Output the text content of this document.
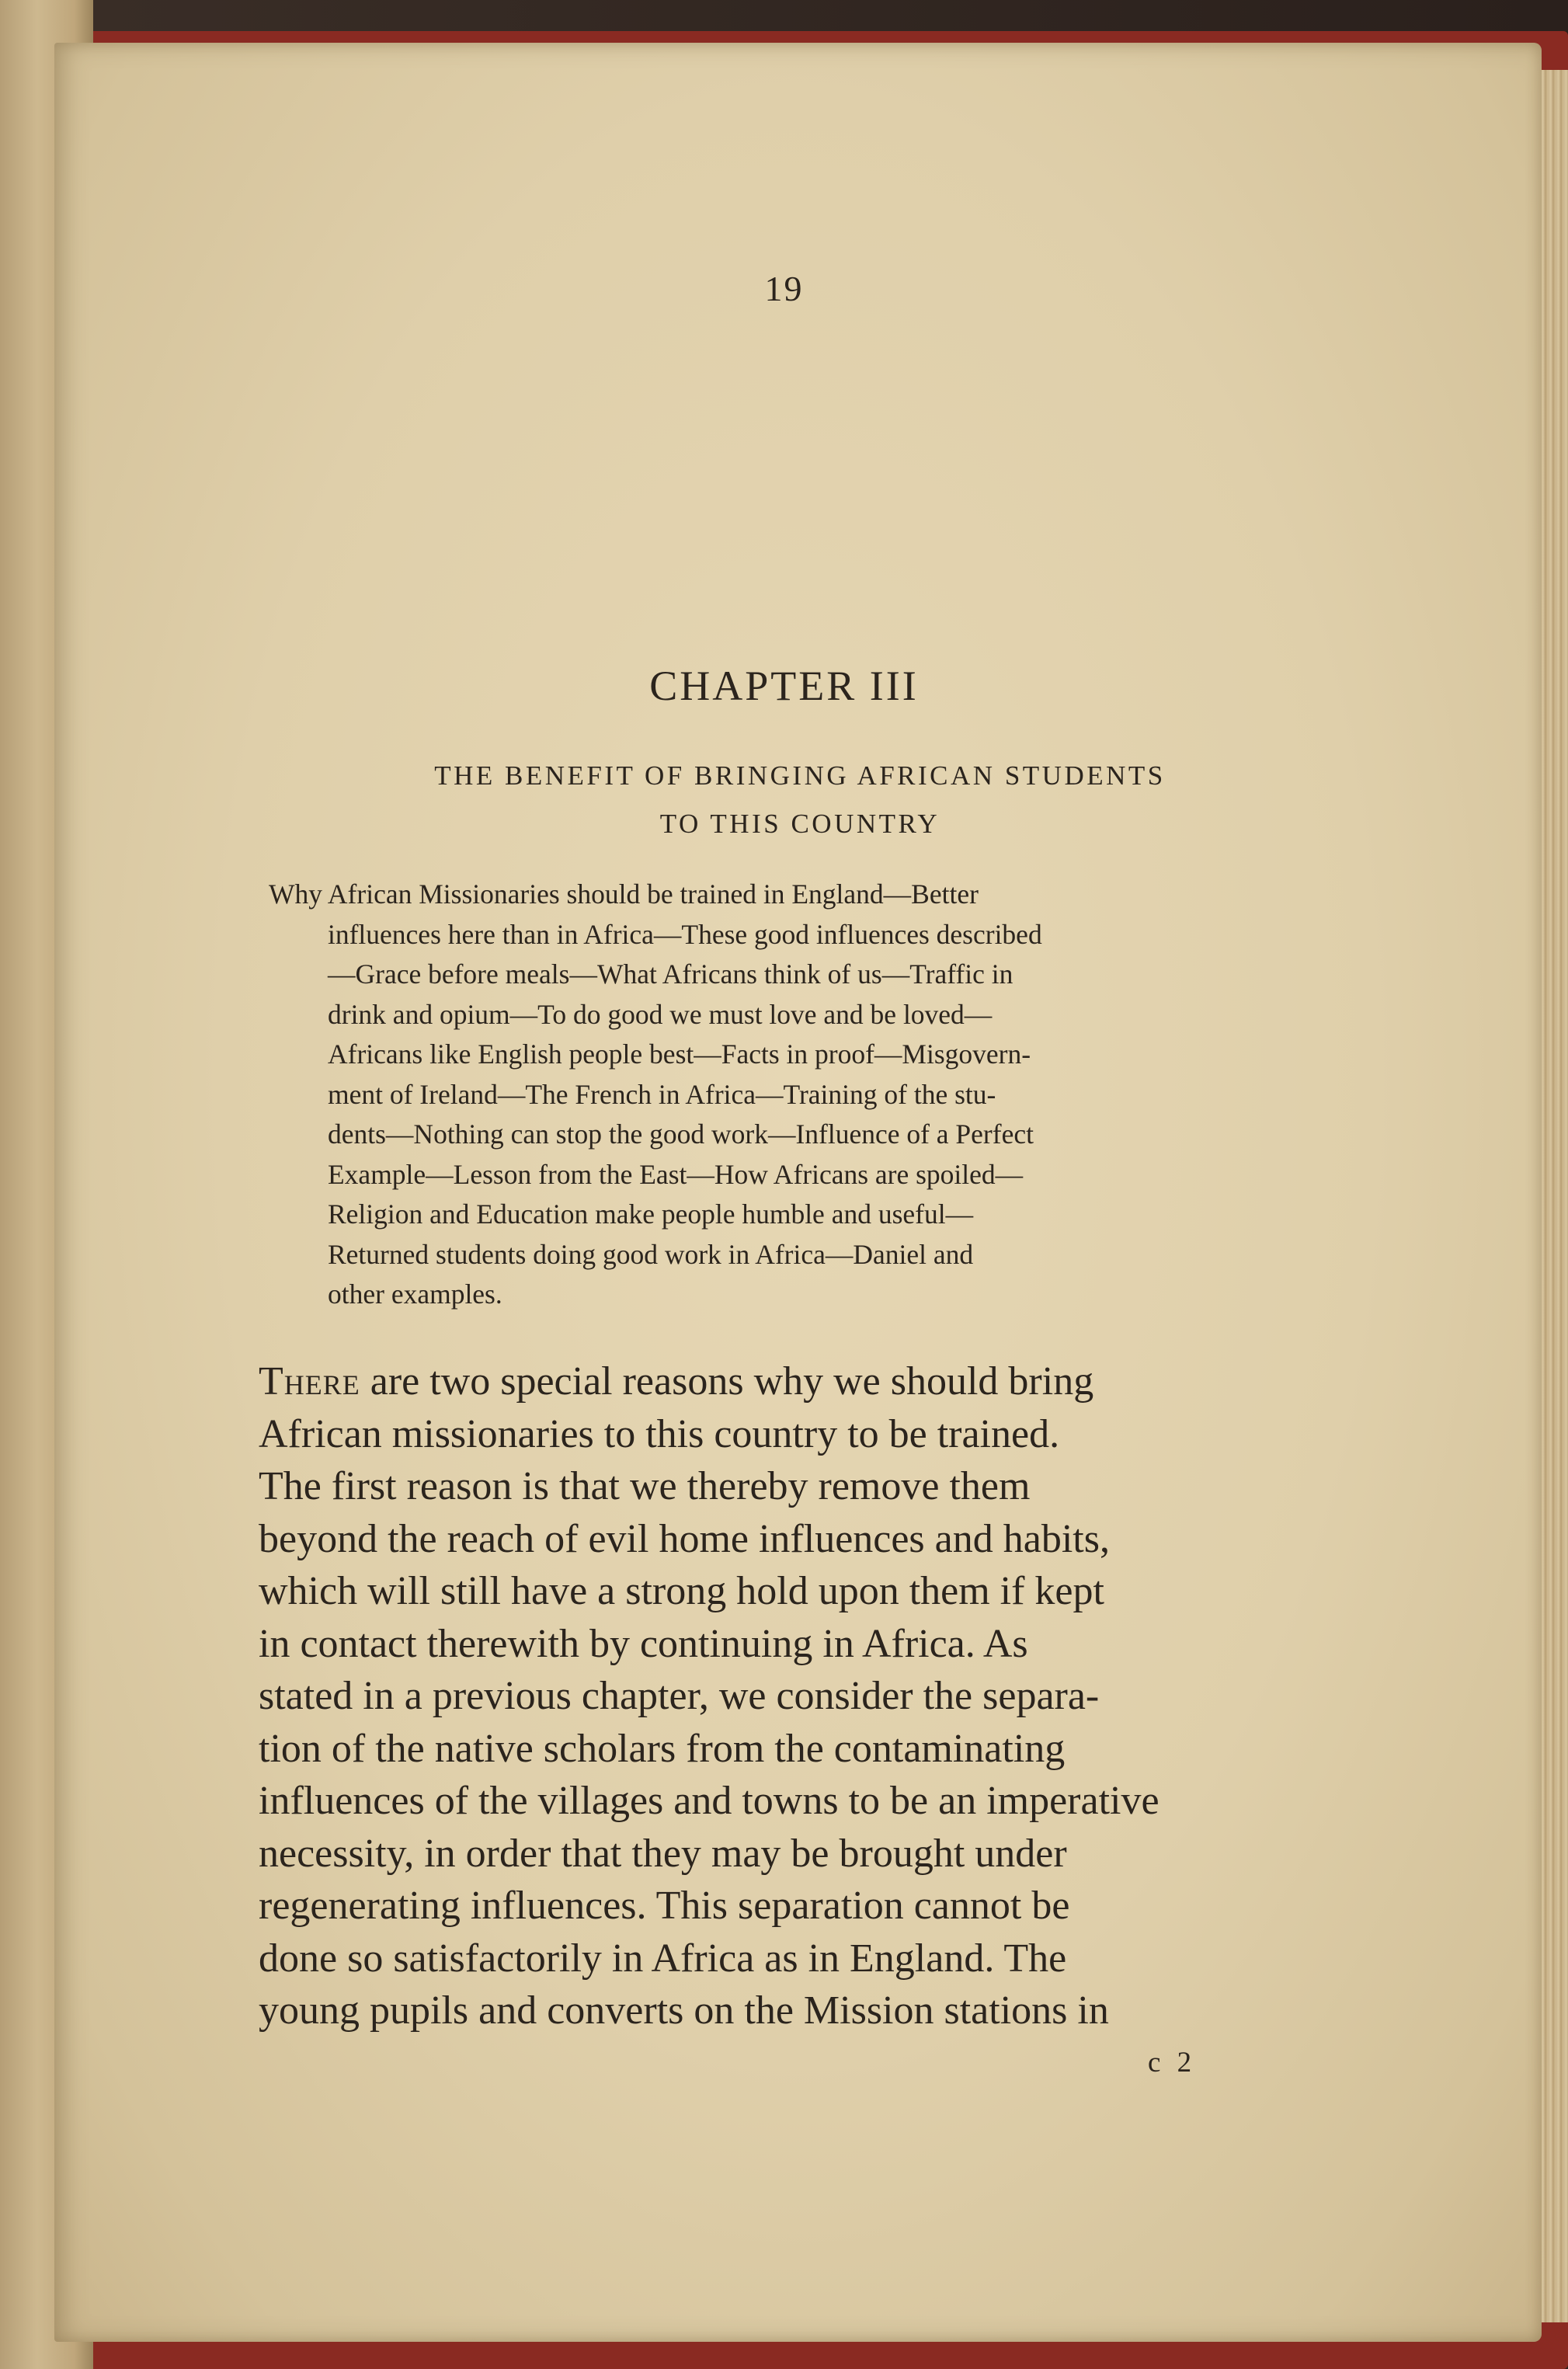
19
CHAPTER III
THE BENEFIT OF BRINGING AFRICAN STUDENTS
TO THIS COUNTRY
Why African Missionaries should be trained in England—Better
influences here than in Africa—These good influences described
—Grace before meals—What Africans think of us—Traffic in
drink and opium—To do good we must love and be loved—
Africans like English people best—Facts in proof—Misgovern-
ment of Ireland—The French in Africa—Training of the stu-
dents—Nothing can stop the good work—Influence of a Perfect
Example—Lesson from the East—How Africans are spoiled—
Religion and Education make people humble and useful—
Returned students doing good work in Africa—Daniel and
other examples.
There are two special reasons why we should bring
African missionaries to this country to be trained.
The first reason is that we thereby remove them
beyond the reach of evil home influences and habits,
which will still have a strong hold upon them if kept
in contact therewith by continuing in Africa. As
stated in a previous chapter, we consider the separa-
tion of the native scholars from the contaminating
influences of the villages and towns to be an imperative
necessity, in order that they may be brought under
regenerating influences. This separation cannot be
done so satisfactorily in Africa as in England. The
young pupils and converts on the Mission stations in
c 2
